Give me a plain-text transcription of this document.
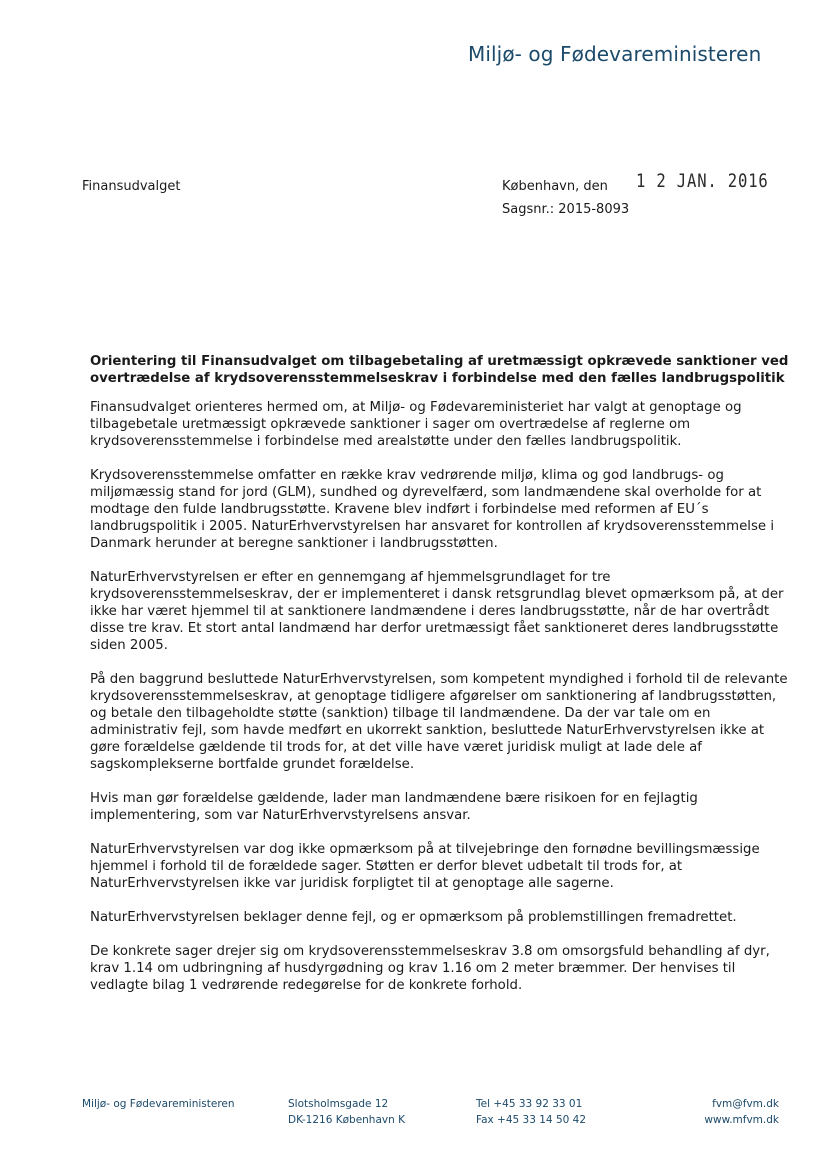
Miljø- og Fødevareministeren
Finansudvalget	København, den 1 2 JAN. 2016
Sagsnr.: 2015-8093
Orientering til Finansudvalget om tilbagebetaling af uretmæssigt opkrævede sanktioner ved overtrædelse af krydsoverensstemmelseskrav i forbindelse med den fælles landbrugspolitik

Finansudvalget orienteres hermed om, at Miljø- og Fødevareministeriet har valgt at genoptage og tilbagebetale uretmæssigt opkrævede sanktioner i sager om overtrædelse af reglerne om krydsoverensstemmelse i forbindelse med arealstøtte under den fælles landbrugspolitik.

Krydsoverensstemmelse omfatter en række krav vedrørende miljø, klima og god landbrugs- og miljømæssig stand for jord (GLM), sundhed og dyrevelfærd, som landmændene skal overholde for at modtage den fulde landbrugsstøtte. Kravene blev indført i forbindelse med reformen af EU´s landbrugspolitik i 2005. NaturErhvervstyrelsen har ansvaret for kontrollen af krydsoverensstemmelse i Danmark herunder at beregne sanktioner i landbrugsstøtten.

NaturErhvervstyrelsen er efter en gennemgang af hjemmelsgrundlaget for tre krydsoverensstemmelseskrav, der er implementeret i dansk retsgrundlag blevet opmærksom på, at der ikke har været hjemmel til at sanktionere landmændene i deres landbrugsstøtte, når de har overtrådt disse tre krav. Et stort antal landmænd har derfor uretmæssigt fået sanktioneret deres landbrugsstøtte siden 2005.

På den baggrund besluttede NaturErhvervstyrelsen, som kompetent myndighed i forhold til de relevante krydsoverensstemmelseskrav, at genoptage tidligere afgørelser om sanktionering af landbrugsstøtten, og betale den tilbageholdte støtte (sanktion) tilbage til landmændene. Da der var tale om en administrativ fejl, som havde medført en ukorrekt sanktion, besluttede NaturErhvervstyrelsen ikke at gøre forældelse gældende til trods for, at det ville have været juridisk muligt at lade dele af sagskomplekserne bortfalde grundet forældelse.

Hvis man gør forældelse gældende, lader man landmændene bære risikoen for en fejlagtig implementering, som var NaturErhvervstyrelsens ansvar.

NaturErhvervstyrelsen var dog ikke opmærksom på at tilvejebringe den fornødne bevillingsmæssige hjemmel i forhold til de forældede sager. Støtten er derfor blevet udbetalt til trods for, at NaturErhvervstyrelsen ikke var juridisk forpligtet til at genoptage alle sagerne.

NaturErhvervstyrelsen beklager denne fejl, og er opmærksom på problemstillingen fremadrettet.

De konkrete sager drejer sig om krydsoverensstemmelseskrav 3.8 om omsorgsfuld behandling af dyr, krav 1.14 om udbringning af husdyrgødning og krav 1.16 om 2 meter bræmmer. Der henvises til vedlagte bilag 1 vedrørende redegørelse for de konkrete forhold.

Miljø- og Fødevareministeren	Slotsholmsgade 12
DK-1216 København K
Tel +45 33 92 33 01
Fax +45 33 14 50 42
fvm@fvm.dk
www.mfvm.dk
